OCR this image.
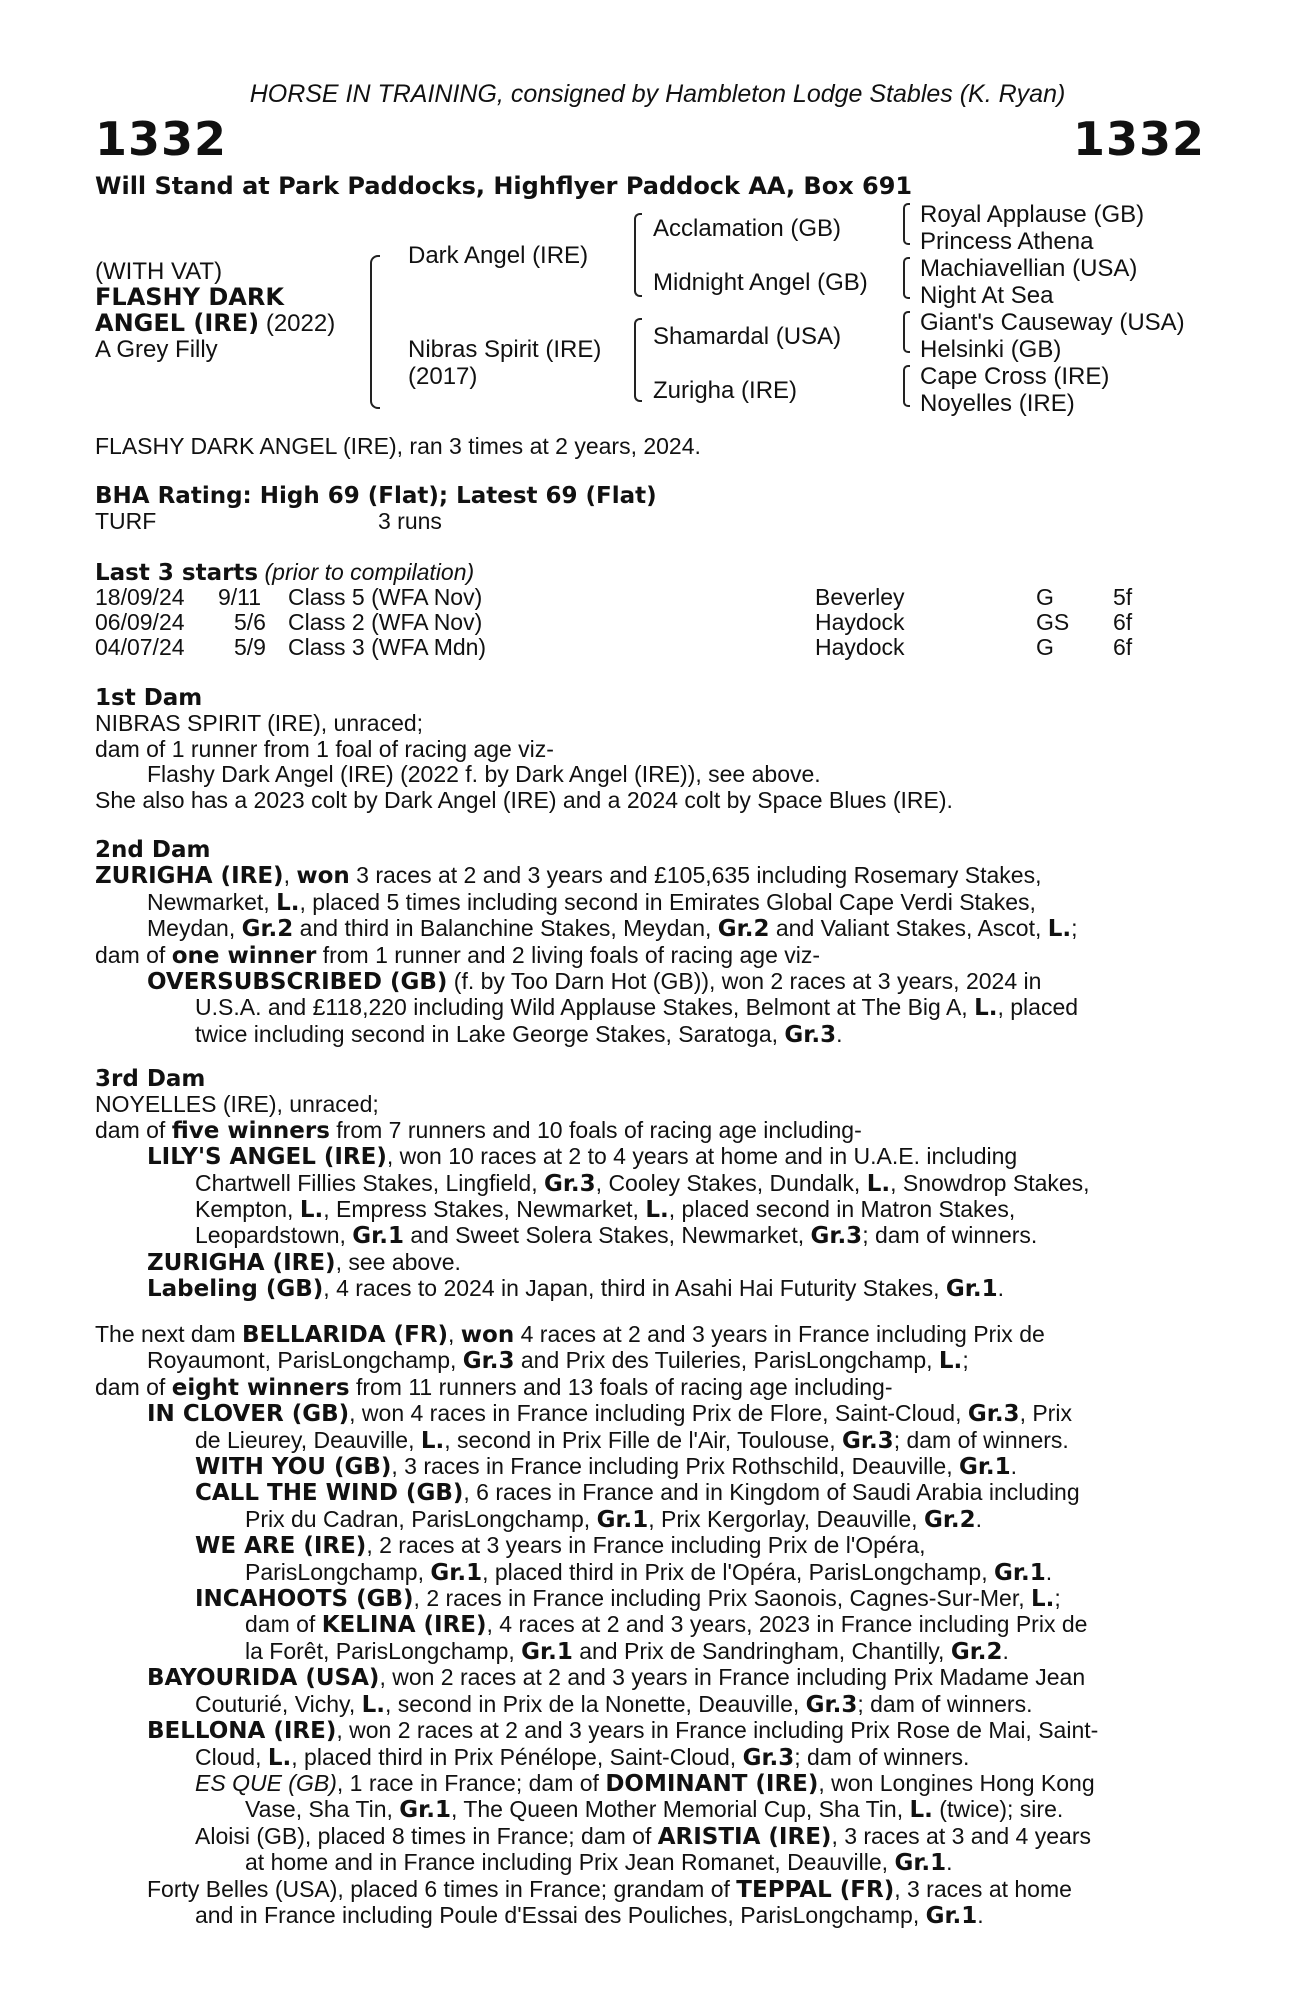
HORSE IN TRAINING, consigned by Hambleton Lodge Stables (K. Ryan)
1332	1332
Will Stand at Park Paddocks, Highflyer Paddock AA, Box 691
(WITH VAT)
FLASHY DARK
ANGEL (IRE) (2022)
A Grey Filly
Dark Angel (IRE)
Nibras Spirit (IRE)
(2017)
Acclamation (GB)
Midnight Angel (GB)
Shamardal (USA)
Zurigha (IRE)
Royal Applause (GB)
Princess Athena
Machiavellian (USA)
Night At Sea
Giant's Causeway (USA)
Helsinki (GB)
Cape Cross (IRE)
Noyelles (IRE)
FLASHY DARK ANGEL (IRE), ran 3 times at 2 years, 2024.
BHA Rating: High 69 (Flat); Latest 69 (Flat)
TURF	3 runs
Last 3 starts (prior to compilation)
18/09/24 9/11 Class 5 (WFA Nov)	Beverley	G	5f
06/09/24 5/6 Class 2 (WFA Nov)	Haydock	GS 6f
04/07/24 5/9 Class 3 (WFA Mdn)	Haydock	G	6f
1st Dam
NIBRAS SPIRIT (IRE), unraced;
dam of 1 runner from 1 foal of racing age viz-
Flashy Dark Angel (IRE) (2022 f. by Dark Angel (IRE)), see above.
She also has a 2023 colt by Dark Angel (IRE) and a 2024 colt by Space Blues (IRE).
2nd Dam
ZURIGHA (IRE), won 3 races at 2 and 3 years and £105,635 including Rosemary Stakes,
Newmarket, L., placed 5 times including second in Emirates Global Cape Verdi Stakes,
Meydan, Gr.2 and third in Balanchine Stakes, Meydan, Gr.2 and Valiant Stakes, Ascot, L.;
dam of one winner from 1 runner and 2 living foals of racing age viz-
OVERSUBSCRIBED (GB) (f. by Too Darn Hot (GB)), won 2 races at 3 years, 2024 in
U.S.A. and £118,220 including Wild Applause Stakes, Belmont at The Big A, L., placed
twice including second in Lake George Stakes, Saratoga, Gr.3.
3rd Dam
NOYELLES (IRE), unraced;
dam of five winners from 7 runners and 10 foals of racing age including-
LILY'S ANGEL (IRE), won 10 races at 2 to 4 years at home and in U.A.E. including
Chartwell Fillies Stakes, Lingfield, Gr.3, Cooley Stakes, Dundalk, L., Snowdrop Stakes,
Kempton, L., Empress Stakes, Newmarket, L., placed second in Matron Stakes,
Leopardstown, Gr.1 and Sweet Solera Stakes, Newmarket, Gr.3; dam of winners.
ZURIGHA (IRE), see above.
Labeling (GB), 4 races to 2024 in Japan, third in Asahi Hai Futurity Stakes, Gr.1.
The next dam BELLARIDA (FR), won 4 races at 2 and 3 years in France including Prix de
Royaumont, ParisLongchamp, Gr.3 and Prix des Tuileries, ParisLongchamp, L.;
dam of eight winners from 11 runners and 13 foals of racing age including-
IN CLOVER (GB), won 4 races in France including Prix de Flore, Saint-Cloud, Gr.3, Prix
de Lieurey, Deauville, L., second in Prix Fille de l'Air, Toulouse, Gr.3; dam of winners.
WITH YOU (GB), 3 races in France including Prix Rothschild, Deauville, Gr.1.
CALL THE WIND (GB), 6 races in France and in Kingdom of Saudi Arabia including
Prix du Cadran, ParisLongchamp, Gr.1, Prix Kergorlay, Deauville, Gr.2.
WE ARE (IRE), 2 races at 3 years in France including Prix de l'Opéra,
ParisLongchamp, Gr.1, placed third in Prix de l'Opéra, ParisLongchamp, Gr.1.
INCAHOOTS (GB), 2 races in France including Prix Saonois, Cagnes-Sur-Mer, L.;
dam of KELINA (IRE), 4 races at 2 and 3 years, 2023 in France including Prix de
la Forêt, ParisLongchamp, Gr.1 and Prix de Sandringham, Chantilly, Gr.2.
BAYOURIDA (USA), won 2 races at 2 and 3 years in France including Prix Madame Jean
Couturié, Vichy, L., second in Prix de la Nonette, Deauville, Gr.3; dam of winners.
BELLONA (IRE), won 2 races at 2 and 3 years in France including Prix Rose de Mai, Saint-
Cloud, L., placed third in Prix Pénélope, Saint-Cloud, Gr.3; dam of winners.
ES QUE (GB), 1 race in France; dam of DOMINANT (IRE), won Longines Hong Kong
Vase, Sha Tin, Gr.1, The Queen Mother Memorial Cup, Sha Tin, L. (twice); sire.
Aloisi (GB), placed 8 times in France; dam of ARISTIA (IRE), 3 races at 3 and 4 years
at home and in France including Prix Jean Romanet, Deauville, Gr.1.
Forty Belles (USA), placed 6 times in France; grandam of TEPPAL (FR), 3 races at home
and in France including Poule d'Essai des Pouliches, ParisLongchamp, Gr.1.
